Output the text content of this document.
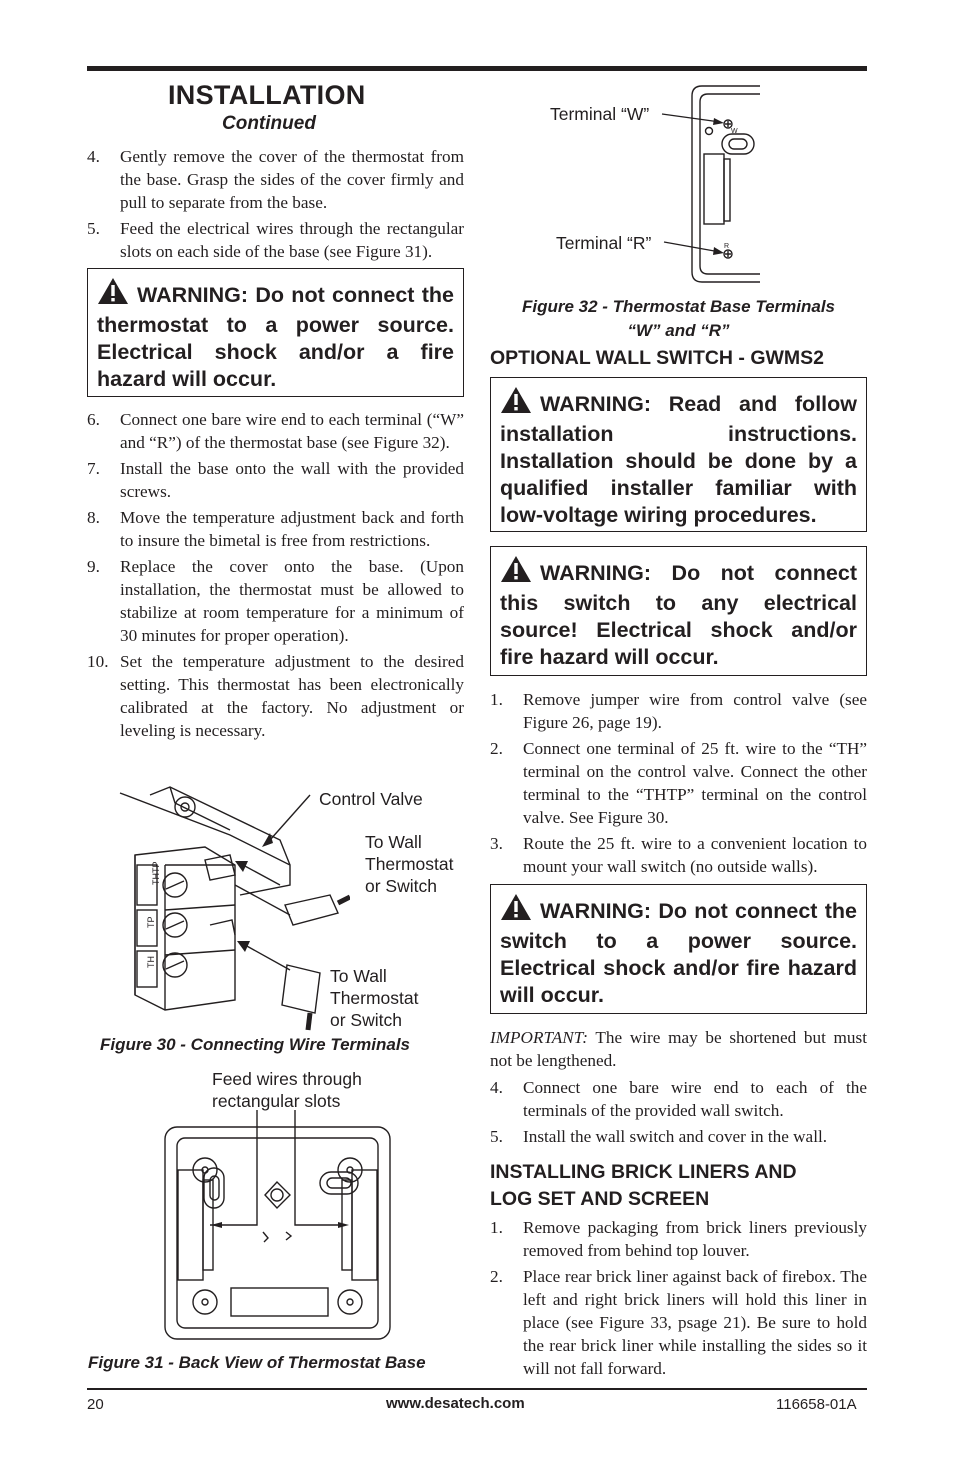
INSTALLATION
Continued
4. Gently remove the cover of the thermostat from the base. Grasp the sides of the cover firmly and pull to separate from the base.
5. Feed the electrical wires through the rectangular slots on each side of the base (see Figure 31).
WARNING: Do not connect the thermostat to a power source. Electrical shock and/or a fire hazard will occur.
6. Connect one bare wire end to each terminal (“W” and “R”) of the thermostat base (see Figure 32).
7. Install the base onto the wall with the provided screws.
8. Move the temperature adjustment back and forth to insure the bimetal is free from restrictions.
9. Replace the cover onto the base. (Upon installation, the thermostat must be allowed to stabilize at room temperature for a minimum of 30 minutes for proper operation).
10. Set the temperature adjustment to the desired setting. This thermostat has been electronically calibrated at the factory. No adjustment or leveling is necessary.
THTP
TP
TH
Control Valve
To Wall
Thermostat
or Switch
To Wall
Thermostat
or Switch
Figure 30 - Connecting Wire Terminals
Feed wires through
rectangular slots
Figure 31 - Back View of Thermostat Base
W
R
Terminal “W”
Terminal “R”
Figure 32 - Thermostat Base Terminals
“W” and “R”
OPTIONAL WALL SWITCH - GWMS2
WARNING: Read and follow installation instructions. Installation should be done by a qualified installer familiar with low-voltage wiring procedures.
WARNING: Do not connect this switch to any electrical source! Electrical shock and/or fire hazard will occur.
1. Remove jumper wire from control valve (see Figure 26, page 19).
2. Connect one terminal of 25 ft. wire to the “TH” terminal on the control valve. Connect the other terminal to the “THTP” terminal on the control valve. See Figure 30.
3. Route the 25 ft. wire to a convenient location to mount your wall switch (no outside walls).
WARNING: Do not connect the switch to a power source. Electrical shock and/or fire hazard will occur.
IMPORTANT: The wire may be shortened but must not be lengthened.
4. Connect one bare wire end to each of the terminals of the provided wall switch.
5. Install the wall switch and cover in the wall.
INSTALLING BRICK LINERS AND
LOG SET AND SCREEN
1. Remove packaging from brick liners previously removed from behind top louver.
2. Place rear brick liner against back of firebox. The left and right brick liners will hold this liner in place (see Figure 33, psage 21). Be sure to hold the rear brick liner while installing the sides so it will not fall forward.
20	www.desatech.com	116658-01A
